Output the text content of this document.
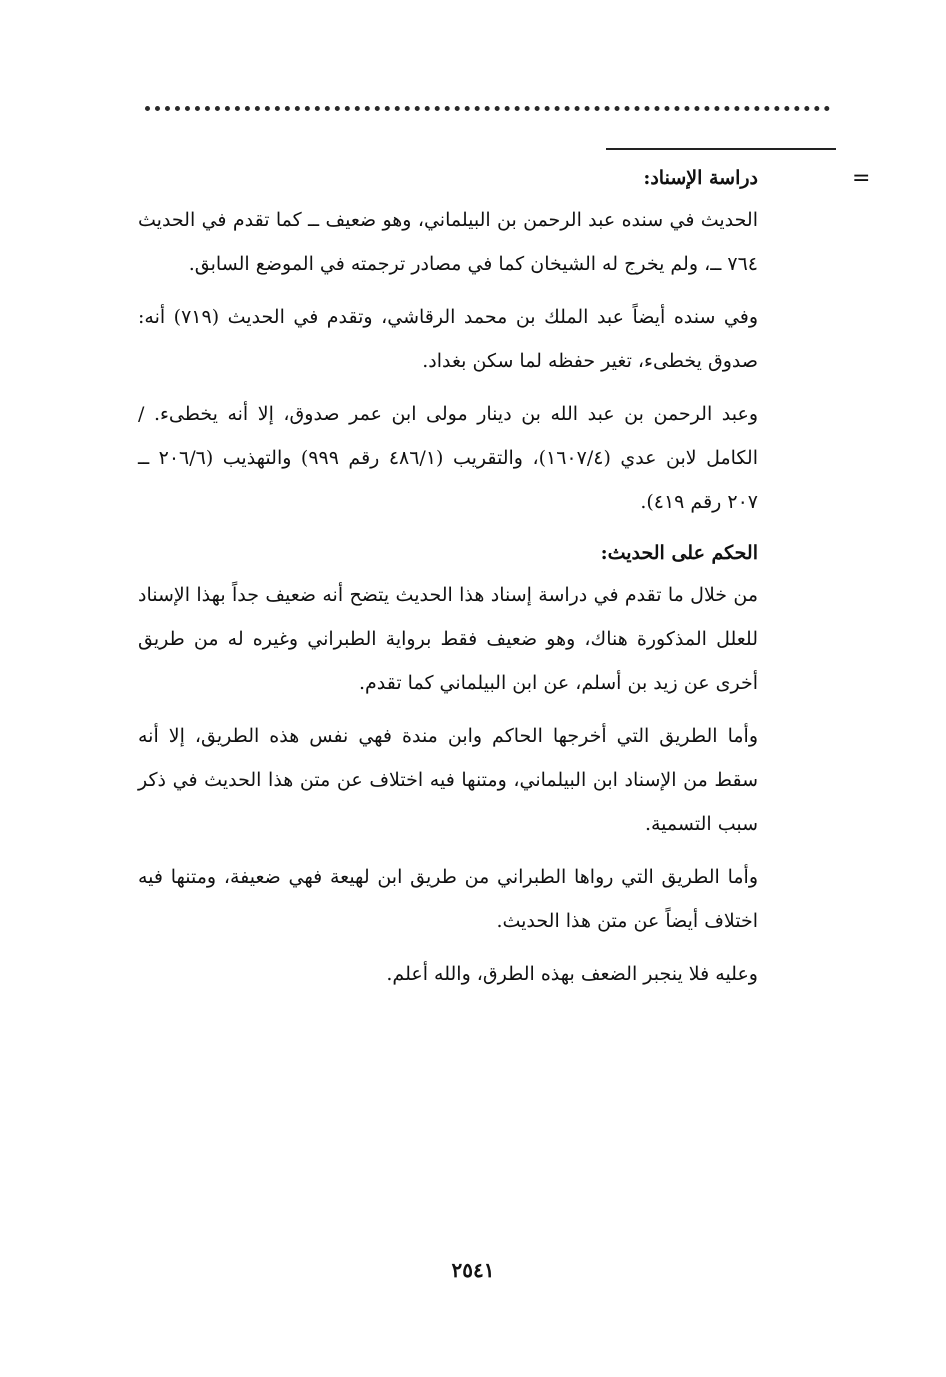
=
دراسة الإسناد:

الحديث في سنده عبد الرحمن بن البيلماني، وهو ضعيف ــ كما تقدم في الحديث ٧٦٤ ــ، ولم يخرج له الشيخان كما في مصادر ترجمته في الموضع السابق.

وفي سنده أيضاً عبد الملك بن محمد الرقاشي، وتقدم في الحديث (٧١٩) أنه: صدوق يخطىء، تغير حفظه لما سكن بغداد.

وعبد الرحمن بن عبد الله بن دينار مولى ابن عمر صدوق، إلا أنه يخطىء. / الكامل لابن عدي (١٦٠٧/٤)، والتقريب (٤٨٦/١ رقم ٩٩٩) والتهذيب (٢٠٦/٦ ــ ٢٠٧ رقم ٤١٩).

الحكم على الحديث:

من خلال ما تقدم في دراسة إسناد هذا الحديث يتضح أنه ضعيف جداً بهذا الإسناد للعلل المذكورة هناك، وهو ضعيف فقط برواية الطبراني وغيره له من طريق أخرى عن زيد بن أسلم، عن ابن البيلماني كما تقدم.

وأما الطريق التي أخرجها الحاكم وابن مندة فهي نفس هذه الطريق، إلا أنه سقط من الإسناد ابن البيلماني، ومتنها فيه اختلاف عن متن هذا الحديث في ذكر سبب التسمية.

وأما الطريق التي رواها الطبراني من طريق ابن لهيعة فهي ضعيفة، ومتنها فيه اختلاف أيضاً عن متن هذا الحديث.

وعليه فلا ينجبر الضعف بهذه الطرق، والله أعلم.

٢٥٤١
